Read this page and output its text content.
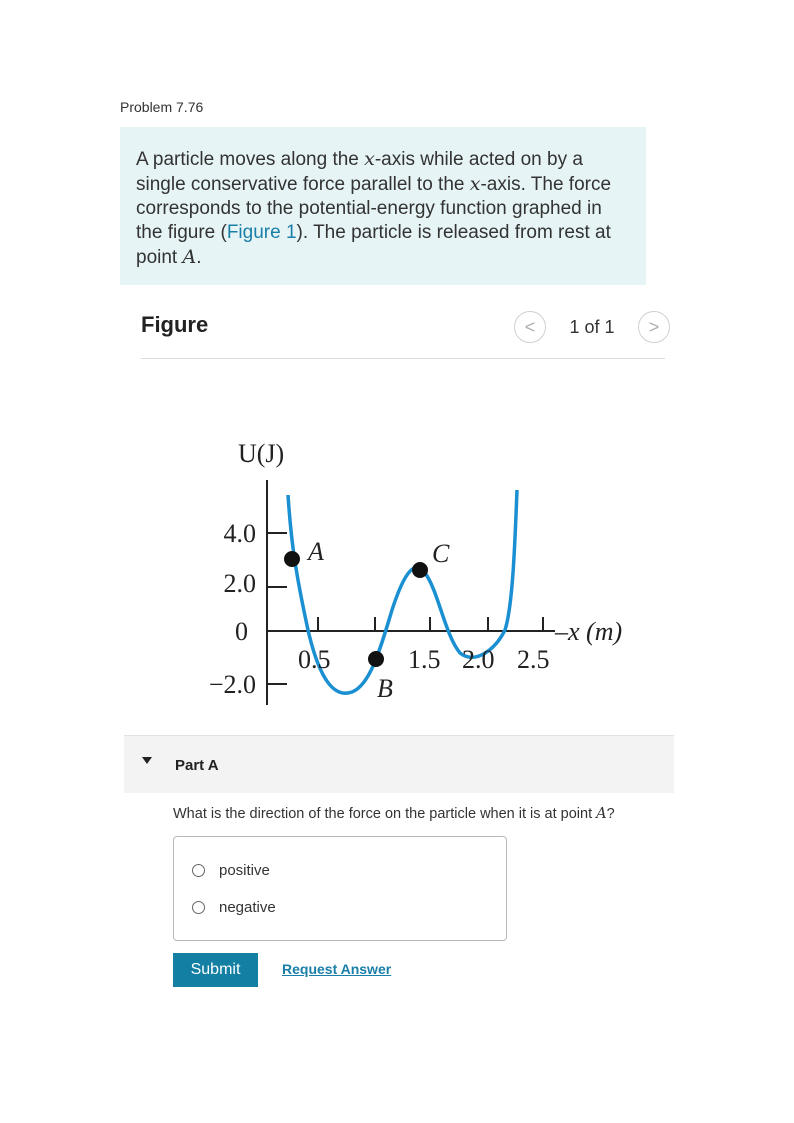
Problem 7.76
A particle moves along the x-axis while acted on by a single conservative force parallel to the x-axis. The force corresponds to the potential-energy function graphed in the figure (Figure 1). The particle is released from rest at point A.
Figure	<	1 of 1	>
U(J)
4.0
2.0
0
−2.0
0.5	1.5 2.0 2.5
–x (m)
A
B
C
Part A
What is the direction of the force on the particle when it is at point A?
positive
negative
Submit	Request Answer
